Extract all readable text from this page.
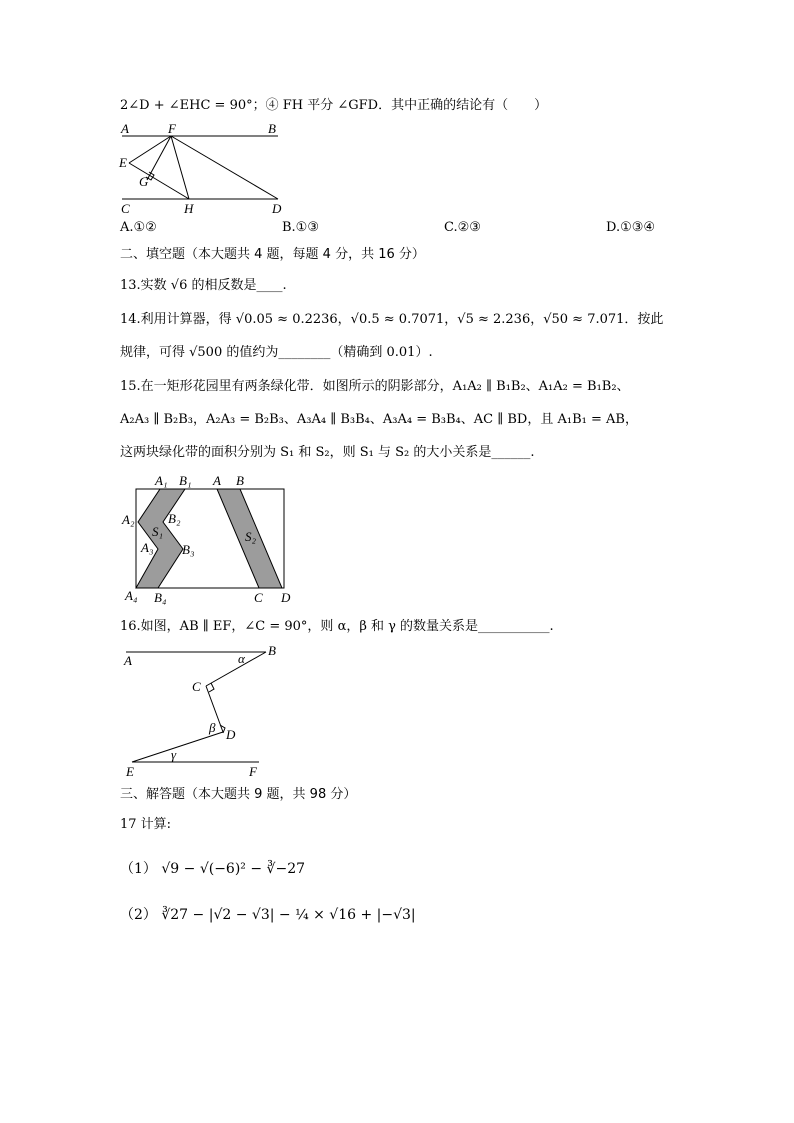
2∠D + ∠EHC = 90°；④ FH 平分 ∠GFD．其中正确的结论有（　　）
A	F	B
E
G
C	H	D
A.①②	B.①③	C.②③	D.①③④
二、填空题（本大题共 4 题，每题 4 分，共 16 分）
13.实数 √6 的相反数是____.
14.利用计算器，得 √0.05 ≈ 0.2236，√0.5 ≈ 0.7071，√5 ≈ 2.236，√50 ≈ 7.071．按此
规律，可得 √500 的值约为________（精确到 0.01）.
15.在一矩形花园里有两条绿化带．如图所示的阴影部分，A₁A₂ ∥ B₁B₂、A₁A₂ = B₁B₂、
A₂A₃ ∥ B₂B₃，A₂A₃ = B₂B₃、A₃A₄ ∥ B₃B₄、A₃A₄ = B₃B₄、AC ∥ BD，且 A₁B₁ = AB，
这两块绿化带的面积分别为 S₁ 和 S₂，则 S₁ 与 S₂ 的大小关系是______.
A₁ B₁ A B
A₂	B₂
S₁
A₃ B₃
S₂
A₄ B₄	C D
16.如图，AB ∥ EF，∠C = 90°，则 α，β 和 γ 的数量关系是___________.
A
B
α
C
β D
γ
E	F
三、解答题（本大题共 9 题，共 98 分）
17 计算:
（1） √9 − √(−6)² − ∛−27
（2） ∛27 − |√2 − √3| − ¼ × √16 + |−√3|
